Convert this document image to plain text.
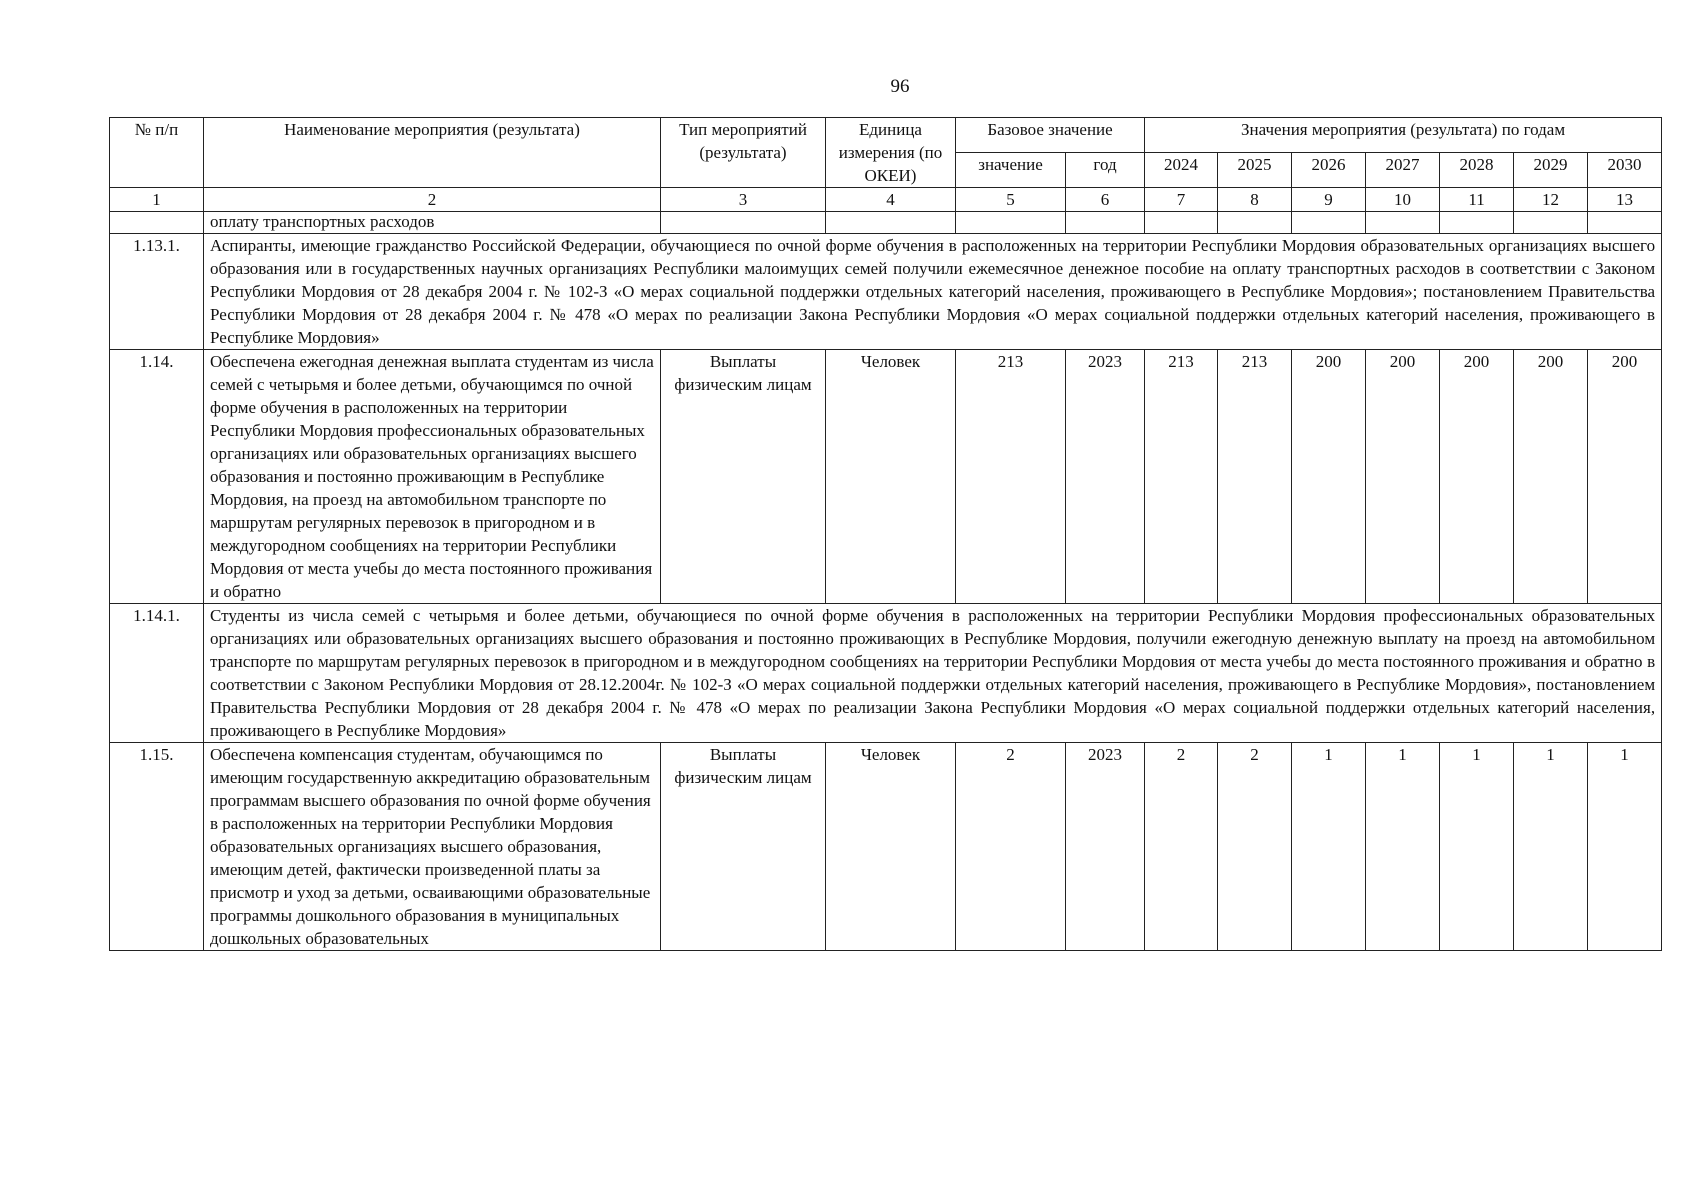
96
№ п/п	Наименование мероприятия (результата)	Тип мероприятий (результата)	Единица измерения (по ОКЕИ)	Базовое значение		Значения мероприятия (результата) по годам						
				значение	год	2024	2025	2026	2027	2028	2029	2030
1	2	3	4	5	6	7	8	9	10	11	12	13
	оплату транспортных расходов											
1.13.1.	Аспиранты, имеющие гражданство Российской Федерации, обучающиеся по очной форме обучения в расположенных на территории Республики Мордовия образовательных организациях высшего образования или в государственных научных организациях Республики малоимущих семей получили ежемесячное денежное пособие на оплату транспортных расходов в соответствии с Законом Республики Мордовия от 28 декабря 2004 г. № 102-З «О мерах социальной поддержки отдельных категорий населения, проживающего в Республике Мордовия»; постановлением Правительства Республики Мордовия от 28 декабря 2004 г. № 478 «О мерах по реализации Закона Республики Мордовия «О мерах социальной поддержки отдельных категорий населения, проживающего в Республике Мордовия»											
1.14.	Обеспечена ежегодная денежная выплата студентам из числа семей с четырьмя и более детьми, обучающимся по очной форме обучения в расположенных на территории Республики Мордовия профессиональных образовательных организациях или образовательных организациях высшего образования и постоянно проживающим в Республике Мордовия, на проезд на автомобильном транспорте по маршрутам регулярных перевозок в пригородном и в междугородном сообщениях на территории Республики Мордовия от места учебы до места постоянного проживания и обратно	Выплаты физическим лицам	Человек	213	2023	213	213	200	200	200	200	200
1.14.1.	Студенты из числа семей с четырьмя и более детьми, обучающиеся по очной форме обучения в расположенных на территории Республики Мордовия профессиональных образовательных организациях или образовательных организациях высшего образования и постоянно проживающих в Республике Мордовия, получили ежегодную денежную выплату на проезд на автомобильном транспорте по маршрутам регулярных перевозок в пригородном и в междугородном сообщениях на территории Республики Мордовия от места учебы до места постоянного проживания и обратно в соответствии с Законом Республики Мордовия от 28.12.2004г. № 102-З «О мерах социальной поддержки отдельных категорий населения, проживающего в Республике Мордовия», постановлением Правительства Республики Мордовия от 28 декабря 2004 г. № 478 «О мерах по реализации Закона Республики Мордовия «О мерах социальной поддержки отдельных категорий населения, проживающего в Республике Мордовия»											
1.15.	Обеспечена компенсация студентам, обучающимся по имеющим государственную аккредитацию образовательным программам высшего образования по очной форме обучения в расположенных на территории Республики Мордовия образовательных организациях высшего образования, имеющим детей, фактически произведенной платы за присмотр и уход за детьми, осваивающими образовательные программы дошкольного образования в муниципальных дошкольных образовательных	Выплаты физическим лицам	Человек	2	2023	2	2	1	1	1	1	1
